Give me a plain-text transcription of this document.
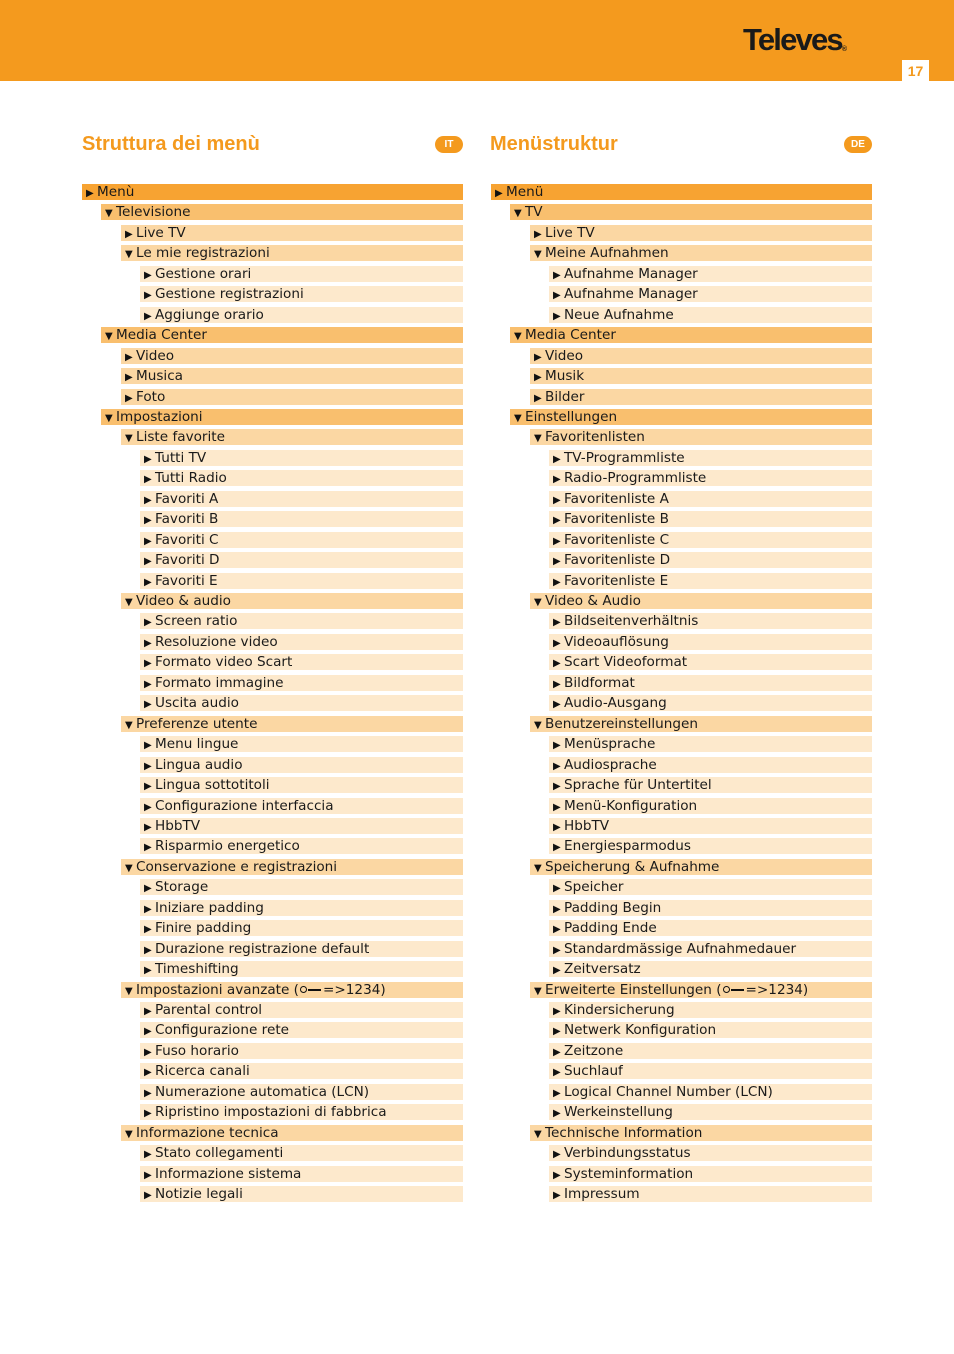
Televes®
17
Struttura dei menù	IT	Menüstruktur	DE
▶ Menù
▼ Televisione
▶ Live TV
▼ Le mie registrazioni
▶ Gestione orari
▶ Gestione registrazioni
▶ Aggiunge orario
▼ Media Center
▶ Video
▶ Musica
▶ Foto
▼ Impostazioni
▼ Liste favorite
▶ Tutti TV
▶ Tutti Radio
▶ Favoriti A
▶ Favoriti B
▶ Favoriti C
▶ Favoriti D
▶ Favoriti E
▼ Video & audio
▶ Screen ratio
▶ Resoluzione video
▶ Formato video Scart
▶ Formato immagine
▶ Uscita audio
▼ Preferenze utente
▶ Menu lingue
▶ Lingua audio
▶ Lingua sottotitoli
▶ Configurazione interfaccia
▶ HbbTV
▶ Risparmio energetico
▼ Conservazione e registrazioni
▶ Storage
▶ Iniziare padding
▶ Finire padding
▶ Durazione registrazione default
▶ Timeshifting
▼ Impostazioni avanzate ( =>1234)
▶ Parental control
▶ Configurazione rete
▶ Fuso horario
▶ Ricerca canali
▶ Numerazione automatica (LCN)
▶ Ripristino impostazioni di fabbrica
▼ Informazione tecnica
▶ Stato collegamenti
▶ Informazione sistema
▶ Notizie legali
▶ Menü
▼ TV
▶ Live TV
▼ Meine Aufnahmen
▶ Aufnahme Manager
▶ Aufnahme Manager
▶ Neue Aufnahme
▼ Media Center
▶ Video
▶ Musik
▶ Bilder
▼ Einstellungen
▼ Favoritenlisten
▶ TV-Programmliste
▶ Radio-Programmliste
▶ Favoritenliste A
▶ Favoritenliste B
▶ Favoritenliste C
▶ Favoritenliste D
▶ Favoritenliste E
▼ Video & Audio
▶ Bildseitenverhältnis
▶ Videoauflösung
▶ Scart Videoformat
▶ Bildformat
▶ Audio-Ausgang
▼ Benutzereinstellungen
▶ Menüsprache
▶ Audiosprache
▶ Sprache für Untertitel
▶ Menü-Konfiguration
▶ HbbTV
▶ Energiesparmodus
▼ Speicherung & Aufnahme
▶ Speicher
▶ Padding Begin
▶ Padding Ende
▶ Standardmässige Aufnahmedauer
▶ Zeitversatz
▼ Erweiterte Einstellungen ( =>1234)
▶ Kindersicherung
▶ Netwerk Konfiguration
▶ Zeitzone
▶ Suchlauf
▶ Logical Channel Number (LCN)
▶ Werkeinstellung
▼ Technische Information
▶ Verbindungsstatus
▶ Systeminformation
▶ Impressum
